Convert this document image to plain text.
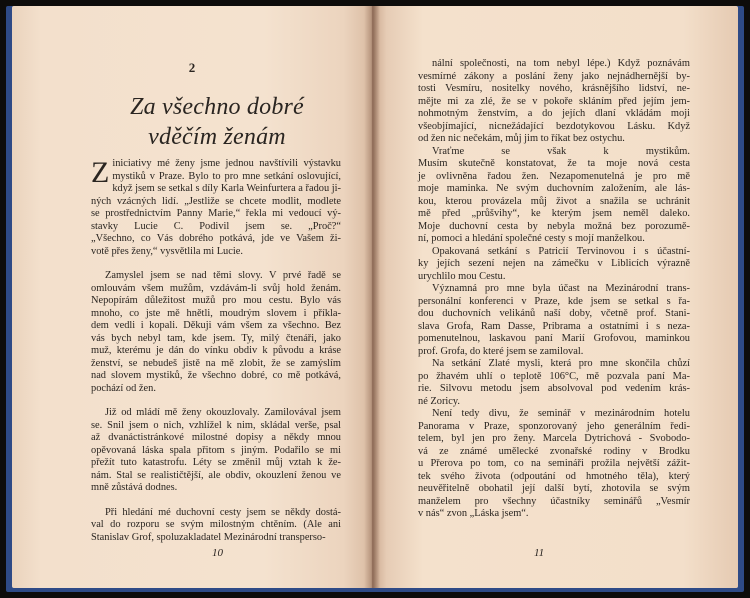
2
Za všechno dobré
vděčím ženám

Z iniciativy mé ženy jsme jednou navštívili výstavku
mystiků v Praze. Bylo to pro mne setkání oslovující,
když jsem se setkal s díly Karla Weinfurtera a řadou ji-
ných vzácných lidí. „Jestliže se chcete modlit, modlete
se prostřednictvím Panny Marie,“ řekla mi vedoucí vý-
stavky Lucie C. Podivil jsem se. „Proč?“
„Všechno, co Vás dobrého potkává, jde ve Vašem ži-
votě přes ženy,“ vysvětlila mi Lucie.

Zamyslel jsem se nad těmi slovy. V prvé řadě se
omlouvám všem mužům, vzdávám-li svůj hold ženám.
Nepopírám důležitost mužů pro mou cestu. Bylo vás
mnoho, co jste mě hnětli, moudrým slovem i příkla-
dem vedli i kopali. Děkuji vám všem za všechno. Bez
vás bych nebyl tam, kde jsem. Ty, milý čtenáři, jako
muž, kterému je dán do vínku obdiv k původu a kráse
ženství, se nebudeš jistě na mě zlobit, že se zamýslím
nad slovem mystiků, že všechno dobré, co mě potkává,
pochází od žen.

Již od mládí mě ženy okouzlovaly. Zamilovával jsem
se. Snil jsem o nich, vzhlížel k nim, skládal verše, psal
až dvanáctistránkové milostné dopisy a někdy mnou
opěvovaná láska spala přitom s jiným. Podařilo se mi
přežít tuto katastrofu. Léty se změnil můj vztah k že-
nám. Stal se realističtější, ale obdiv, okouzlení ženou ve
mně zůstává dodnes.

Při hledání mé duchovní cesty jsem se někdy dostá-
val do rozporu se svým milostným chtěním. (Ale ani
Stanislav Grof, spoluzakladatel Mezinárodní transperso-

10

nální společnosti, na tom nebyl lépe.) Když poznávám
vesmírné zákony a poslání ženy jako nejnádhernější by-
tosti Vesmíru, nositelky nového, krásnějšího lidství, ne-
mějte mi za zlé, že se v pokoře skláním před jejím jem-
nohmotným ženstvím, a do jejích dlaní vkládám moji
všeobjímající, nicnežádající bezdotykovou Lásku. Když
od žen nic nečekám, můj jim to říkat bez ostychu.

Vraťme se však k mystikům.
Musím skutečně konstatovat, že ta moje nová cesta
je ovlivněna řadou žen. Nezapomenutelná je pro mě
moje maminka. Ne svým duchovním založením, ale lás-
kou, kterou provázela můj život a snažila se uchránit
mě před „průšvihy“, ke kterým jsem neměl daleko.
Moje duchovní cesta by nebyla možná bez porozumě-
ní, pomoci a hledání společné cesty s mojí manželkou.

Opakovaná setkání s Patricií Tervinovou i s účastní-
ky jejích sezení nejen na zámečku v Liblicích výrazně
urychlilo mou Cestu.

Významná pro mne byla účast na Mezinárodní trans-
personální konferenci v Praze, kde jsem se setkal s řa-
dou duchovních velikánů naší doby, včetně prof. Stani-
slava Grofa, Ram Dasse, Pribrama a ostatními i s neza-
pomenutelnou, laskavou paní Marií Grofovou, maminkou
prof. Grofa, do které jsem se zamiloval.

Na setkání Zlaté mysli, která pro mne skončila chůzí
po žhavém uhlí o teplotě 106°C, mě pozvala paní Ma-
rie. Silvovu metodu jsem absolvoval pod vedením krás-
né Zoricy.

Není tedy divu, že seminář v mezinárodním hotelu
Panorama v Praze, sponzorovaný jeho generálním ředi-
telem, byl jen pro ženy. Marcela Dytrichová - Svobodo-
vá ze známé umělecké zvonařské rodiny v Brodku
u Přerova po tom, co na semináři prožila největší zážit-
tek svého života (odpoutání od hmotného těla), který
neuvěřitelně obohatil její další bytí, zhotovila se svým
manželem pro všechny účastníky seminářů „Vesmír
v nás“ zvon „Láska jsem“.

11
